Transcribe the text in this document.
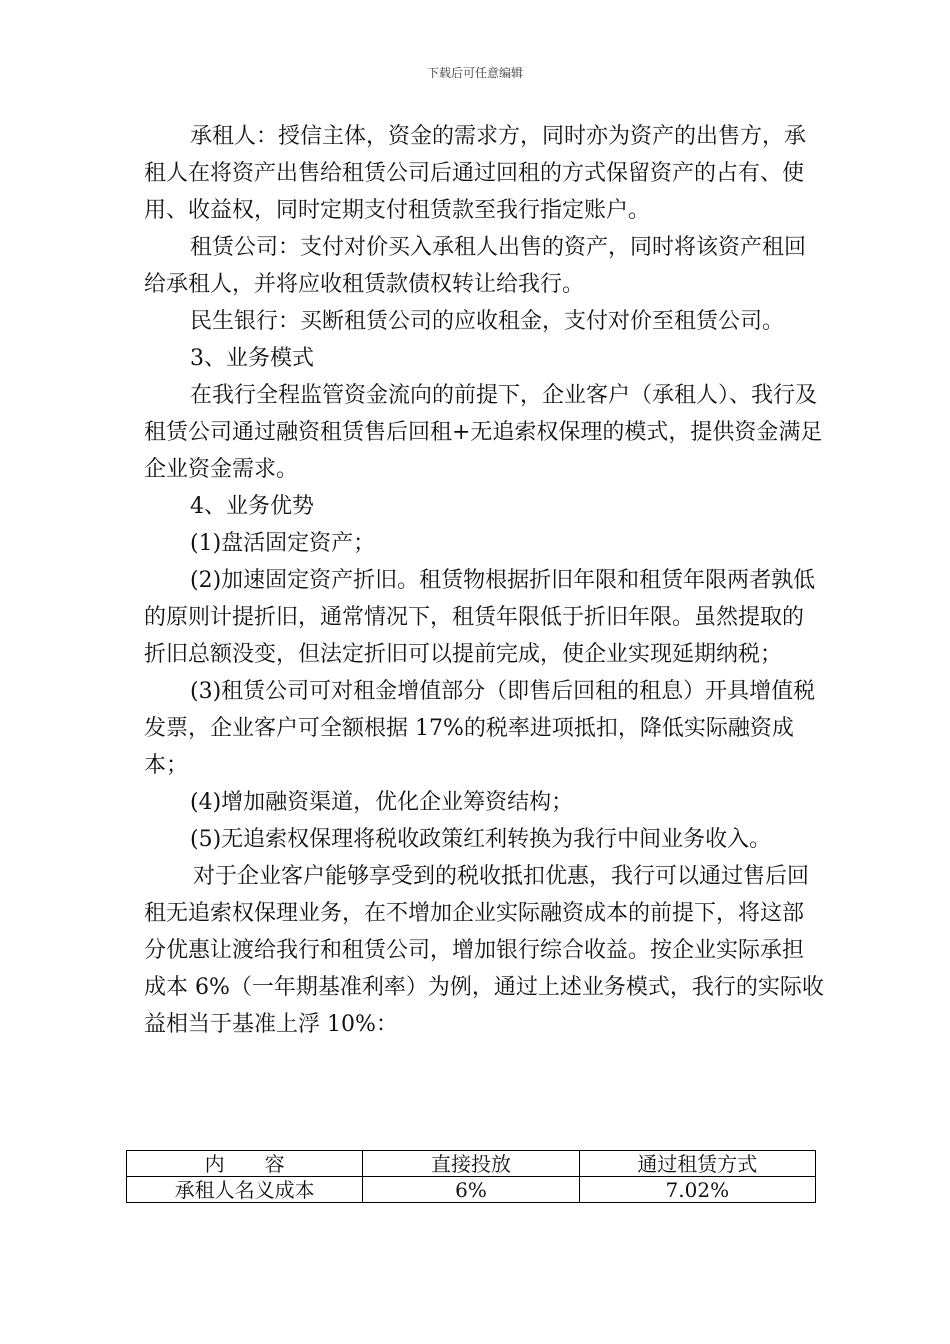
下载后可任意编辑

承租人：授信主体，资金的需求方，同时亦为资产的出售方，承租人在将资产出售给租赁公司后通过回租的方式保留资产的占有、使用、收益权，同时定期支付租赁款至我行指定账户。

租赁公司：支付对价买入承租人出售的资产，同时将该资产租回给承租人，并将应收租赁款债权转让给我行。

民生银行：买断租赁公司的应收租金，支付对价至租赁公司。

3、业务模式

在我行全程监管资金流向的前提下，企业客户（承租人）、我行及租赁公司通过融资租赁售后回租+无追索权保理的模式，提供资金满足企业资金需求。

4、业务优势

(1)盘活固定资产；

(2)加速固定资产折旧。租赁物根据折旧年限和租赁年限两者孰低的原则计提折旧，通常情况下，租赁年限低于折旧年限。虽然提取的折旧总额没变，但法定折旧可以提前完成，使企业实现延期纳税；

(3)租赁公司可对租金增值部分（即售后回租的租息）开具增值税发票，企业客户可全额根据 17%的税率进项抵扣，降低实际融资成本；

(4)增加融资渠道，优化企业筹资结构；

(5)无追索权保理将税收政策红利转换为我行中间业务收入。

对于企业客户能够享受到的税收抵扣优惠，我行可以通过售后回租无追索权保理业务，在不增加企业实际融资成本的前提下，将这部分优惠让渡给我行和租赁公司，增加银行综合收益。按企业实际承担成本 6%（一年期基准利率）为例，通过上述业务模式，我行的实际收益相当于基准上浮 10%：

内　　容	直接投放	通过租赁方式
承租人名义成本	6%	7.02%
